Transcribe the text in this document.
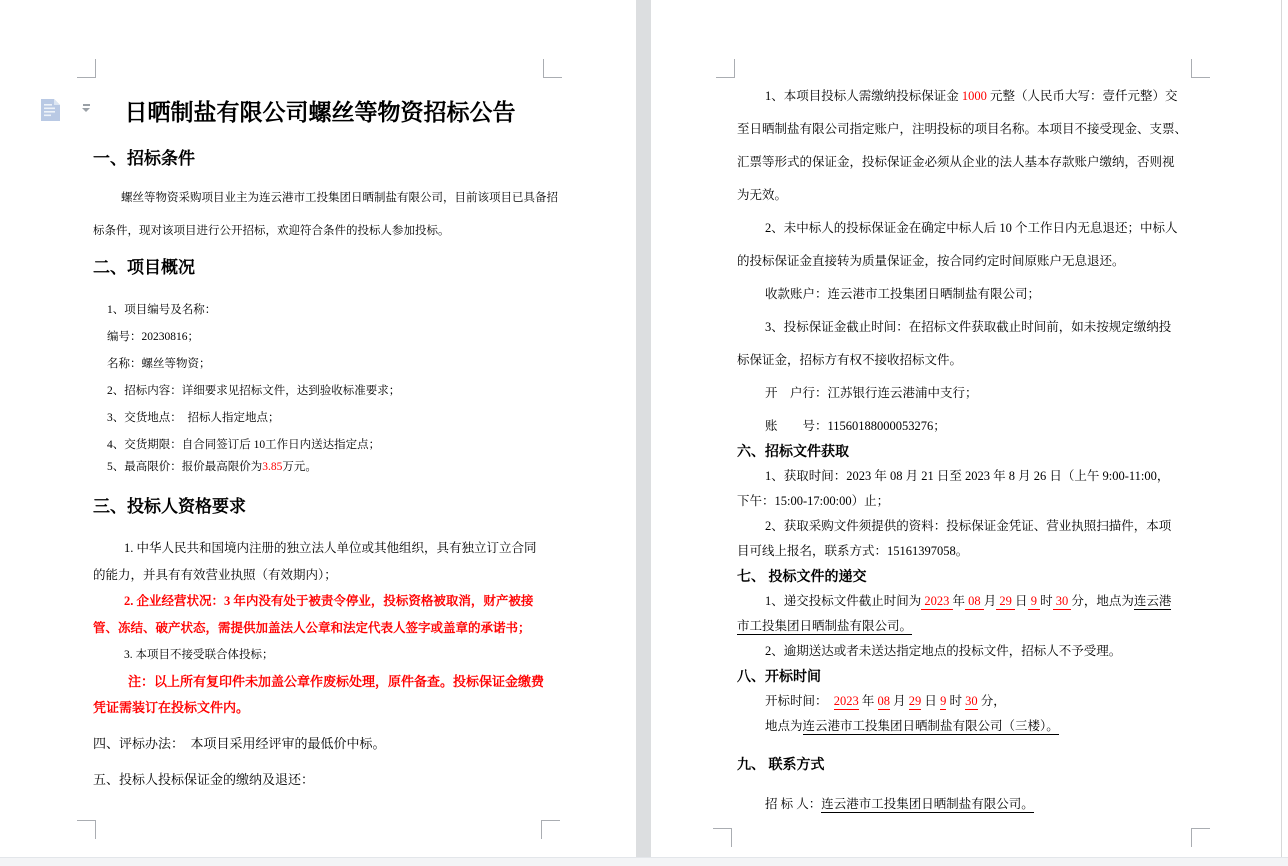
日晒制盐有限公司螺丝等物资招标公告
一、招标条件
螺丝等物资采购项目业主为连云港市工投集团日晒制盐有限公司，目前该项目已具备招
标条件，现对该项目进行公开招标，欢迎符合条件的投标人参加投标。
二、项目概况
1、项目编号及名称：
编号：20230816；
名称：螺丝等物资；
2、招标内容：详细要求见招标文件，达到验收标准要求；
3、交货地点：  招标人指定地点；
4、交货期限：自合同签订后 10工作日内送达指定点；
5、最高限价：报价最高限价为3.85万元。
三、投标人资格要求
1. 中华人民共和国境内注册的独立法人单位或其他组织，具有独立订立合同
的能力，并具有有效营业执照（有效期内）；
2. 企业经营状况：3 年内没有处于被责令停业，投标资格被取消，财产被接
管、冻结、破产状态，需提供加盖法人公章和法定代表人签字或盖章的承诺书；
3. 本项目不接受联合体投标；
注：以上所有复印件未加盖公章作废标处理，原件备查。投标保证金缴费
凭证需装订在投标文件内。
四、评标办法：  本项目采用经评审的最低价中标。
五、投标人投标保证金的缴纳及退还：
1、本项目投标人需缴纳投标保证金 1000 元整（人民币大写：壹仟元整）交
至日晒制盐有限公司指定账户，注明投标的项目名称。本项目不接受现金、支票、
汇票等形式的保证金，投标保证金必须从企业的法人基本存款账户缴纳，否则视
为无效。
2、未中标人的投标保证金在确定中标人后 10 个工作日内无息退还；中标人
的投标保证金直接转为质量保证金，按合同约定时间原账户无息退还。
收款账户：连云港市工投集团日晒制盐有限公司；
3、投标保证金截止时间：在招标文件获取截止时间前，如未按规定缴纳投
标保证金，招标方有权不接收招标文件。
开　户行：江苏银行连云港浦中支行；
账　　号：11560188000053276；
六、招标文件获取
1、获取时间：2023 年 08 月 21 日至 2023 年 8 月 26 日（上午 9:00-11:00，
下午：15:00-17:00:00）止；
2、获取采购文件须提供的资料：投标保证金凭证、营业执照扫描件，本项
目可线上报名，联系方式：15161397058。
七、 投标文件的递交
1、递交投标文件截止时间为 2023 年 08 月 29 日 9 时 30 分，地点为连云港
市工投集团日晒制盐有限公司。
2、逾期送达或者未送达指定地点的投标文件，招标人不予受理。
八、开标时间
开标时间：  2023 年 08 月 29 日 9 时 30 分，
地点为连云港市工投集团日晒制盐有限公司（三楼）。
九、 联系方式
招 标 人：连云港市工投集团日晒制盐有限公司。
